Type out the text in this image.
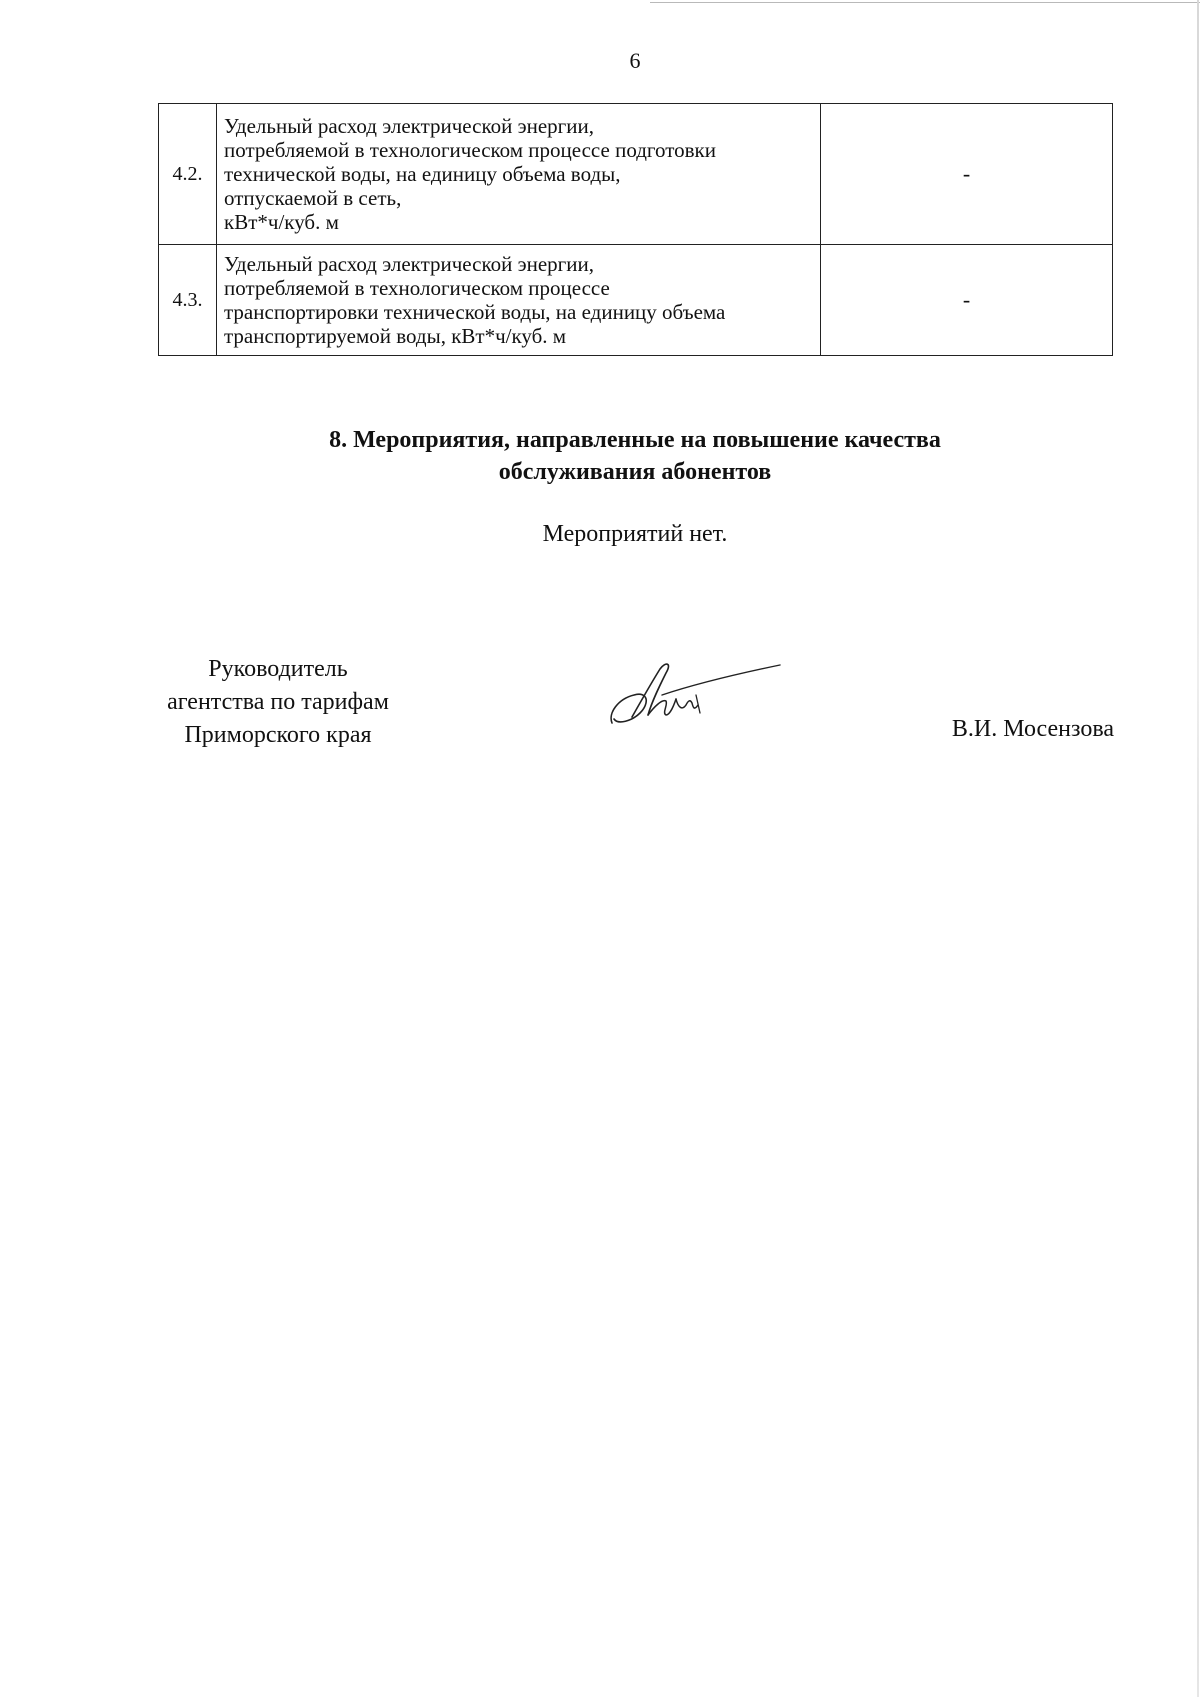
6
4.2.	Удельный расход электрической энергии,
потребляемой в технологическом процессе подготовки
технической воды, на единицу объема воды,
отпускаемой в сеть,
кВт*ч/куб. м	-
4.3.	Удельный расход электрической энергии,
потребляемой в технологическом процессе
транспортировки технической воды, на единицу объема
транспортируемой воды, кВт*ч/куб. м	-
8. Мероприятия, направленные на повышение качества
обслуживания абонентов
Мероприятий нет.
Руководитель
агентства по тарифам
Приморского края	В.И. Мосензова
